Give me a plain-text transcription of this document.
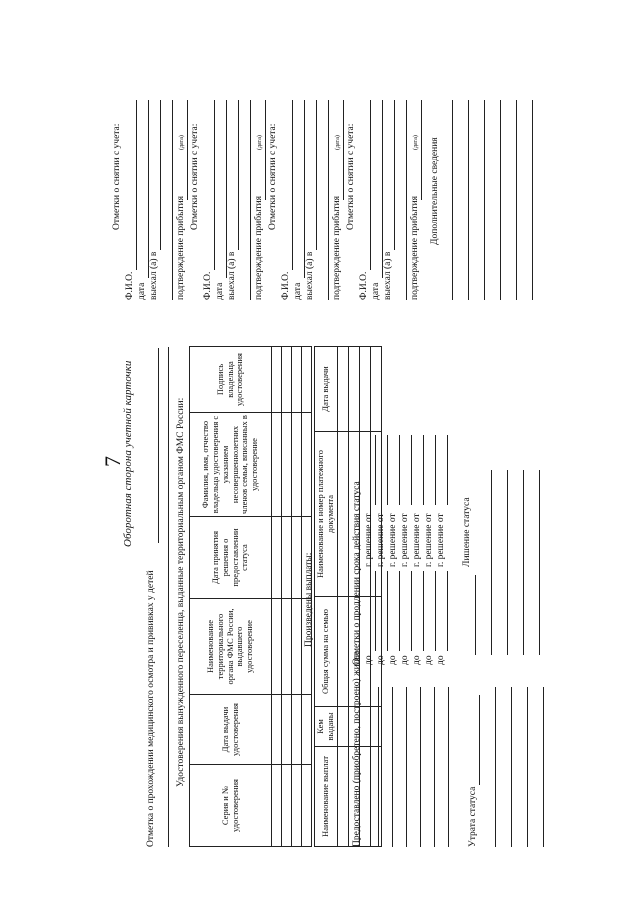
7
Оборотная сторона учетной карточки
Отметка о прохождении медицинского осмотра и прививках у детей Удостоверения вынужденного переселенца, выданные территориальным органом ФМС России:
Серия и № удостоверения	Дата выдачи удостоверения	Наименование территориального органа ФМС России, выдавшего удостоверение	Дата принятия решения о предоставлении статуса	Фамилия, имя, отчество владельца удостоверения с указанием несовершеннолетних членов семьи, вписанных в удостоверение	Подпись владельца удостоверения

Произведены выплаты:
Наименование выплат	Кем выданы	Общая сумма на семью	Наименование и номер платежного документа	Дата выдачи

Предоставлено (приобретено, построено) жилье
Отметки о продлении срока действия статуса до
г. решение от
до
г. решение от
до
г. решение от
до
г. решение от
до
г. решение от
до
г. решение от
до
г. решение от
Утрата статуса
Лишение статуса
Отметки о снятии с учета:
Ф.И.О. дата выехал (а) в подтверждение прибытия
(дата) Отметки о снятии с учета:
Ф.И.О. дата выехал (а) в подтверждение прибытия
(дата) Отметки о снятии с учета:
Ф.И.О. дата выехал (а) в подтверждение прибытия
(дата) Отметки о снятии с учета:
Ф.И.О. дата выехал (а) в подтверждение прибытия
(дата) Дополнительные сведения
